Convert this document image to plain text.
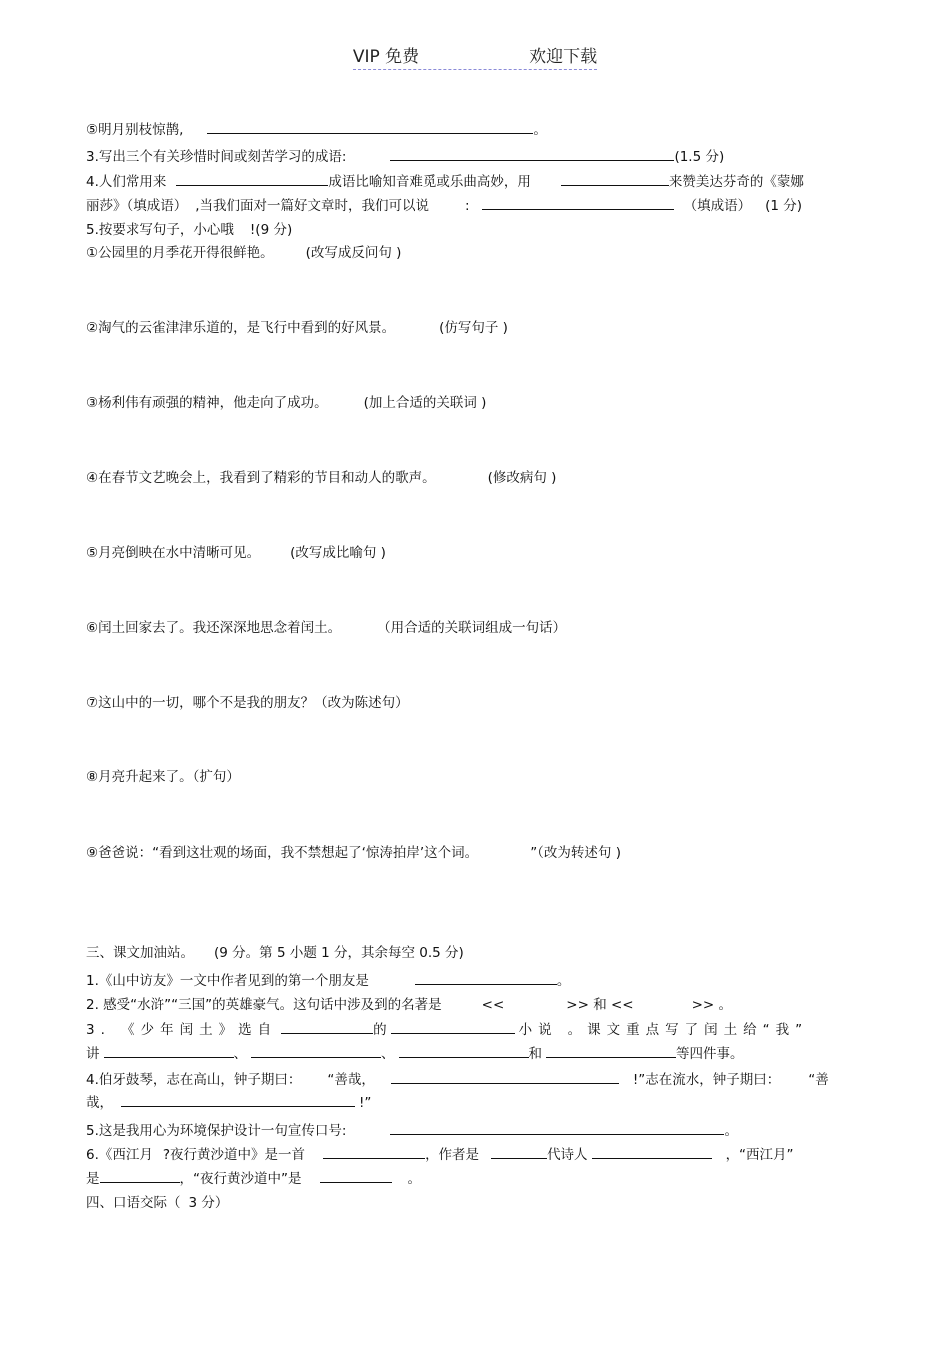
VIP 免费	欢迎下载
⑤明月别枝惊鹊,	。
3.写出三个有关珍惜时间或刻苦学习的成语:	(1.5 分)
4.人们常用来	成语比喻知音难觅或乐曲高妙，用	来赞美达芬奇的《蒙娜
丽莎》（填成语） ,当我们面对一篇好文章时，我们可以说	:	（填成语） (1 分)
5.按要求写句子，小心哦 !(9 分)
①公园里的月季花开得很鲜艳。 (改写成反问句 )
②淘气的云雀津津乐道的，是飞行中看到的好风景。	(仿写句子 )
③杨利伟有顽强的精神，他走向了成功。	(加上合适的关联词 )
④在春节文艺晚会上，我看到了精彩的节目和动人的歌声。	(修改病句 )
⑤月亮倒映在水中清晰可见。 (改写成比喻句 )
⑥闰土回家去了。我还深深地思念着闰土。	（用合适的关联词组成一句话）
⑦这山中的一切，哪个不是我的朋友？（改为陈述句）
⑧月亮升起来了。（扩句）
⑨爸爸说：“看到这壮观的场面，我不禁想起了‘惊涛拍岸’这个词。	”（改为转述句 )
三、课文加油站。 (9 分。第 5 小题 1 分，其余每空 0.5 分)
1.《山中访友》一文中作者见到的第一个朋友是	。
2. 感受“水浒”“三国”的英雄豪气。这句话中涉及到的名著是	<<	>> 和 <<	>> 。
3. 《少年闰土》选自	的	小说 。课文重点写了闰土给“我”
讲	、	、	和	等四件事。
4.伯牙鼓琴，志在高山，钟子期曰： “善哉，	!”志在流水，钟子期曰： “善
哉，	!”
5.这是我用心为环境保护设计一句宣传口号:	。
6.《西江月 ?夜行黄沙道中》是一首	，作者是	代诗人	，“西江月”
是	，“夜行黄沙道中”是	。
四、口语交际（ 3 分）
